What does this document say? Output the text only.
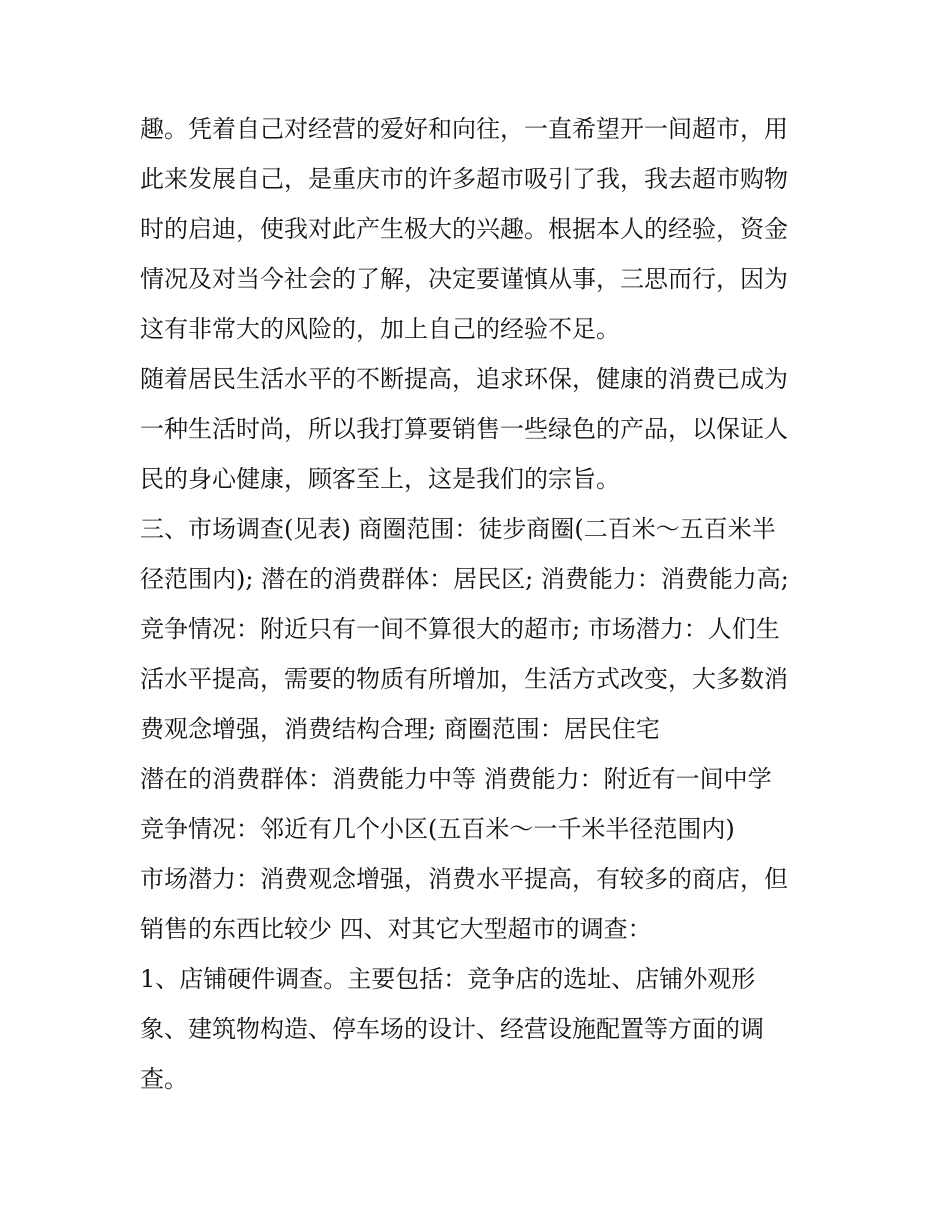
趣。凭着自己对经营的爱好和向往，一直希望开一间超市，用
此来发展自己，是重庆市的许多超市吸引了我，我去超市购物
时的启迪，使我对此产生极大的兴趣。根据本人的经验，资金
情况及对当今社会的了解，决定要谨慎从事，三思而行，因为
这有非常大的风险的，加上自己的经验不足。
随着居民生活水平的不断提高，追求环保，健康的消费已成为
一种生活时尚，所以我打算要销售一些绿色的产品，以保证人
民的身心健康，顾客至上，这是我们的宗旨。
三、市场调查(见表) 商圈范围：徒步商圈(二百米～五百米半
径范围内); 潜在的消费群体：居民区; 消费能力：消费能力高;
竞争情况：附近只有一间不算很大的超市; 市场潜力：人们生
活水平提高，需要的物质有所增加，生活方式改变，大多数消
费观念增强，消费结构合理; 商圈范围：居民住宅
潜在的消费群体：消费能力中等 消费能力：附近有一间中学
竞争情况：邻近有几个小区(五百米～一千米半径范围内)
市场潜力：消费观念增强，消费水平提高，有较多的商店，但
销售的东西比较少 四、对其它大型超市的调查：
1、店铺硬件调查。主要包括：竞争店的选址、店铺外观形
象、建筑物构造、停车场的设计、经营设施配置等方面的调
查。
